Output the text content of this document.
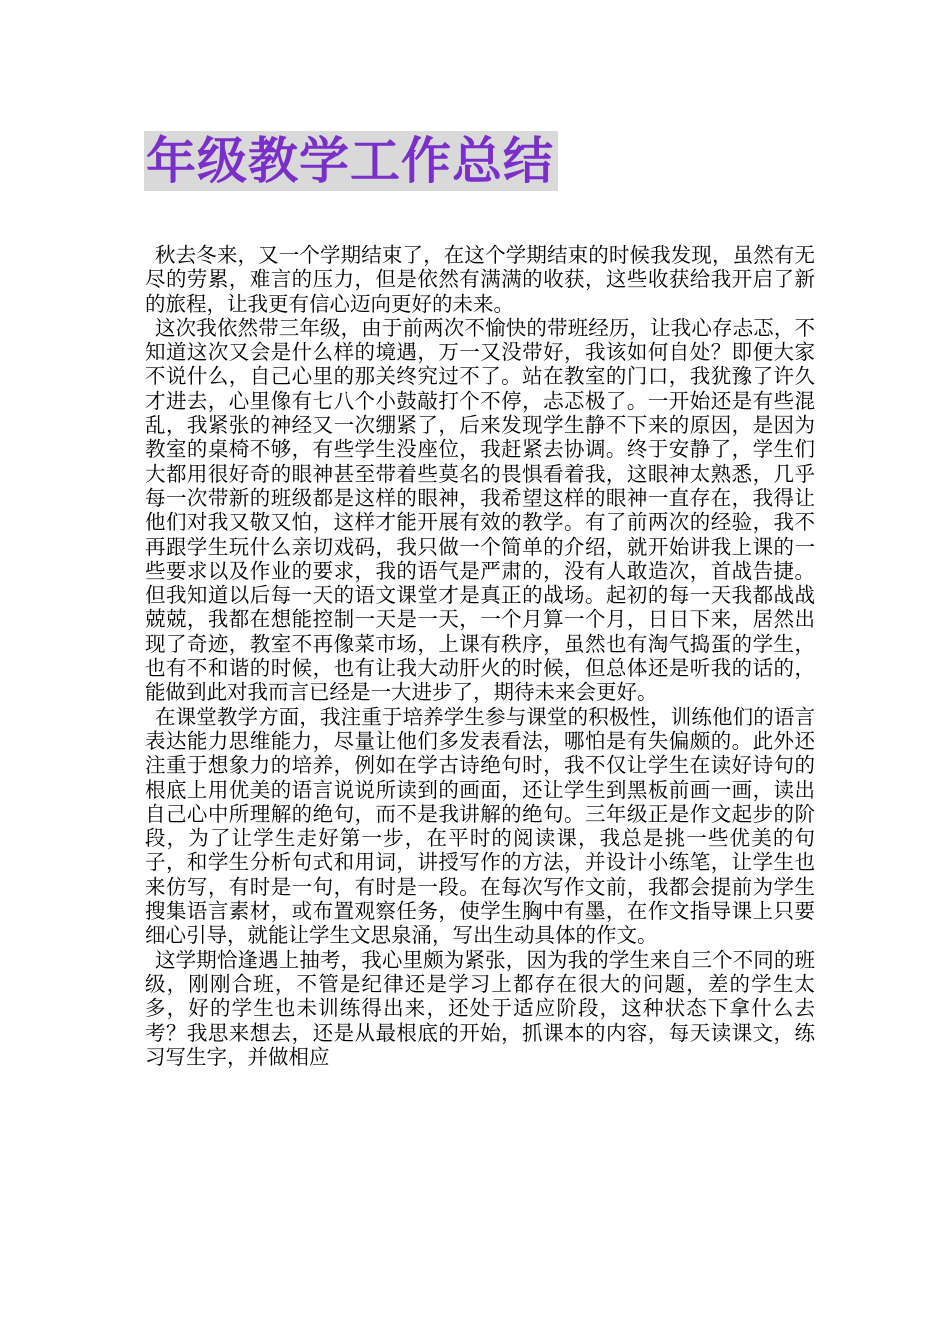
年级教学工作总结

秋去冬来，又一个学期结束了，在这个学期结束的时候我发现，虽然有无尽的劳累，难言的压力，但是依然有满满的收获，这些收获给我开启了新的旅程，让我更有信心迈向更好的未来。

这次我依然带三年级，由于前两次不愉快的带班经历，让我心存忐忑，不知道这次又会是什么样的境遇，万一又没带好，我该如何自处？即便大家不说什么，自己心里的那关终究过不了。站在教室的门口，我犹豫了许久才进去，心里像有七八个小鼓敲打个不停，忐忑极了。一开始还是有些混乱，我紧张的神经又一次绷紧了，后来发现学生静不下来的原因，是因为教室的桌椅不够，有些学生没座位，我赶紧去协调。终于安静了，学生们大都用很好奇的眼神甚至带着些莫名的畏惧看着我，这眼神太熟悉，几乎每一次带新的班级都是这样的眼神，我希望这样的眼神一直存在，我得让他们对我又敬又怕，这样才能开展有效的教学。有了前两次的经验，我不再跟学生玩什么亲切戏码，我只做一个简单的介绍，就开始讲我上课的一些要求以及作业的要求，我的语气是严肃的，没有人敢造次，首战告捷。但我知道以后每一天的语文课堂才是真正的战场。起初的每一天我都战战兢兢，我都在想能控制一天是一天，一个月算一个月，日日下来，居然出现了奇迹，教室不再像菜市场，上课有秩序，虽然也有淘气捣蛋的学生，也有不和谐的时候，也有让我大动肝火的时候，但总体还是听我的话的，能做到此对我而言已经是一大进步了，期待未来会更好。

在课堂教学方面，我注重于培养学生参与课堂的积极性，训练他们的语言表达能力思维能力，尽量让他们多发表看法，哪怕是有失偏颇的。此外还注重于想象力的培养，例如在学古诗绝句时，我不仅让学生在读好诗句的根底上用优美的语言说说所读到的画面，还让学生到黑板前画一画，读出自己心中所理解的绝句，而不是我讲解的绝句。三年级正是作文起步的阶段，为了让学生走好第一步，在平时的阅读课，我总是挑一些优美的句子，和学生分析句式和用词，讲授写作的方法，并设计小练笔，让学生也来仿写，有时是一句，有时是一段。在每次写作文前，我都会提前为学生搜集语言素材，或布置观察任务，使学生胸中有墨，在作文指导课上只要细心引导，就能让学生文思泉涌，写出生动具体的作文。

这学期恰逢遇上抽考，我心里颇为紧张，因为我的学生来自三个不同的班级，刚刚合班，不管是纪律还是学习上都存在很大的问题，差的学生太多，好的学生也未训练得出来，还处于适应阶段，这种状态下拿什么去考？我思来想去，还是从最根底的开始，抓课本的内容，每天读课文，练习写生字，并做相应
